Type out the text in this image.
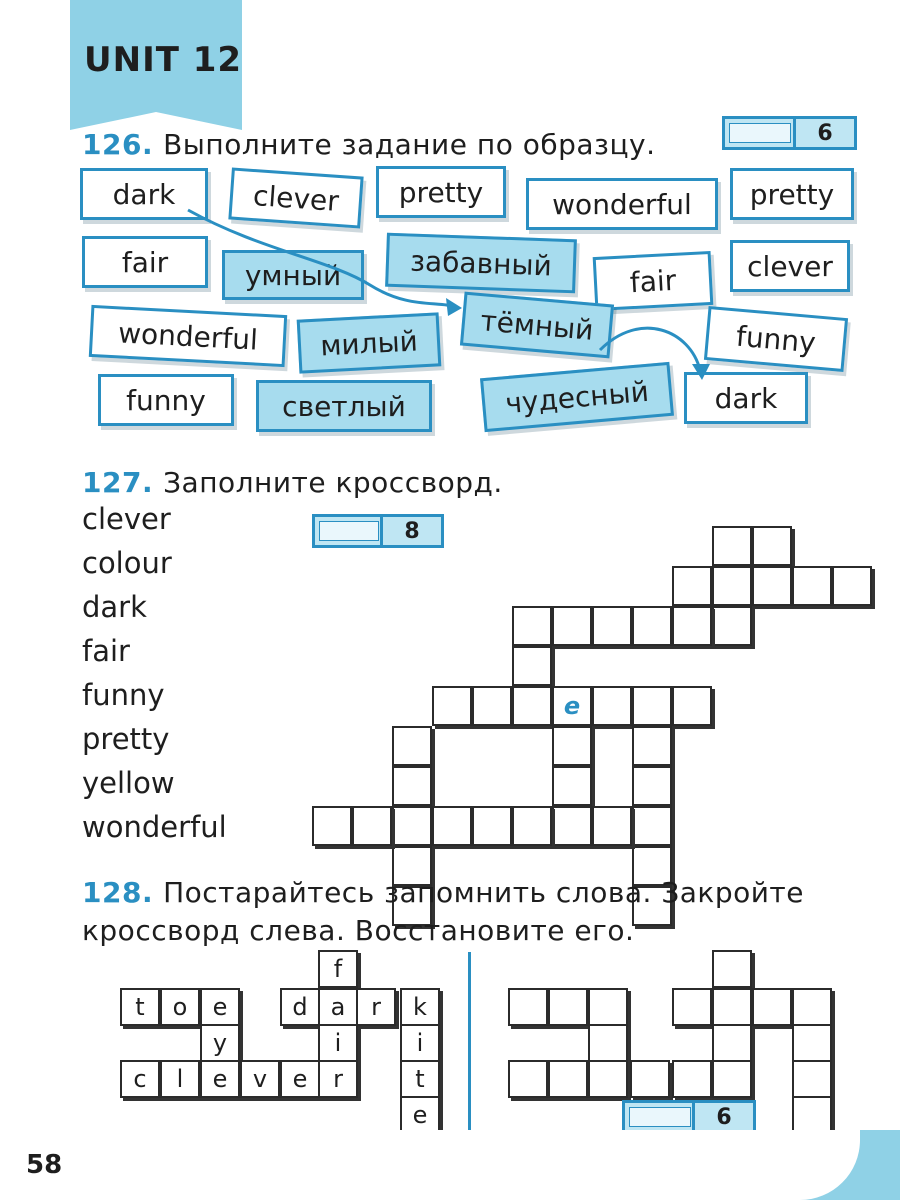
UNIT 12
126. Выполните задание по образцу.	6
dark	clever	pretty	wonderful	pretty
fair	умный	забавный	fair	clever
wonderful	милый	тёмный	funny
funny	светлый	чудесный	dark
127. Заполните кроссворд.
8
clever
colour
dark
fair
funny
pretty
yellow
wonderful
e
128. Постарайтесь запомнить слова. Закройте
кроссворд слева. Восстановите его.
f
t	o	e	d a	r	k
y	i	i
c	l	e	v	e	r	t
e	6
58
